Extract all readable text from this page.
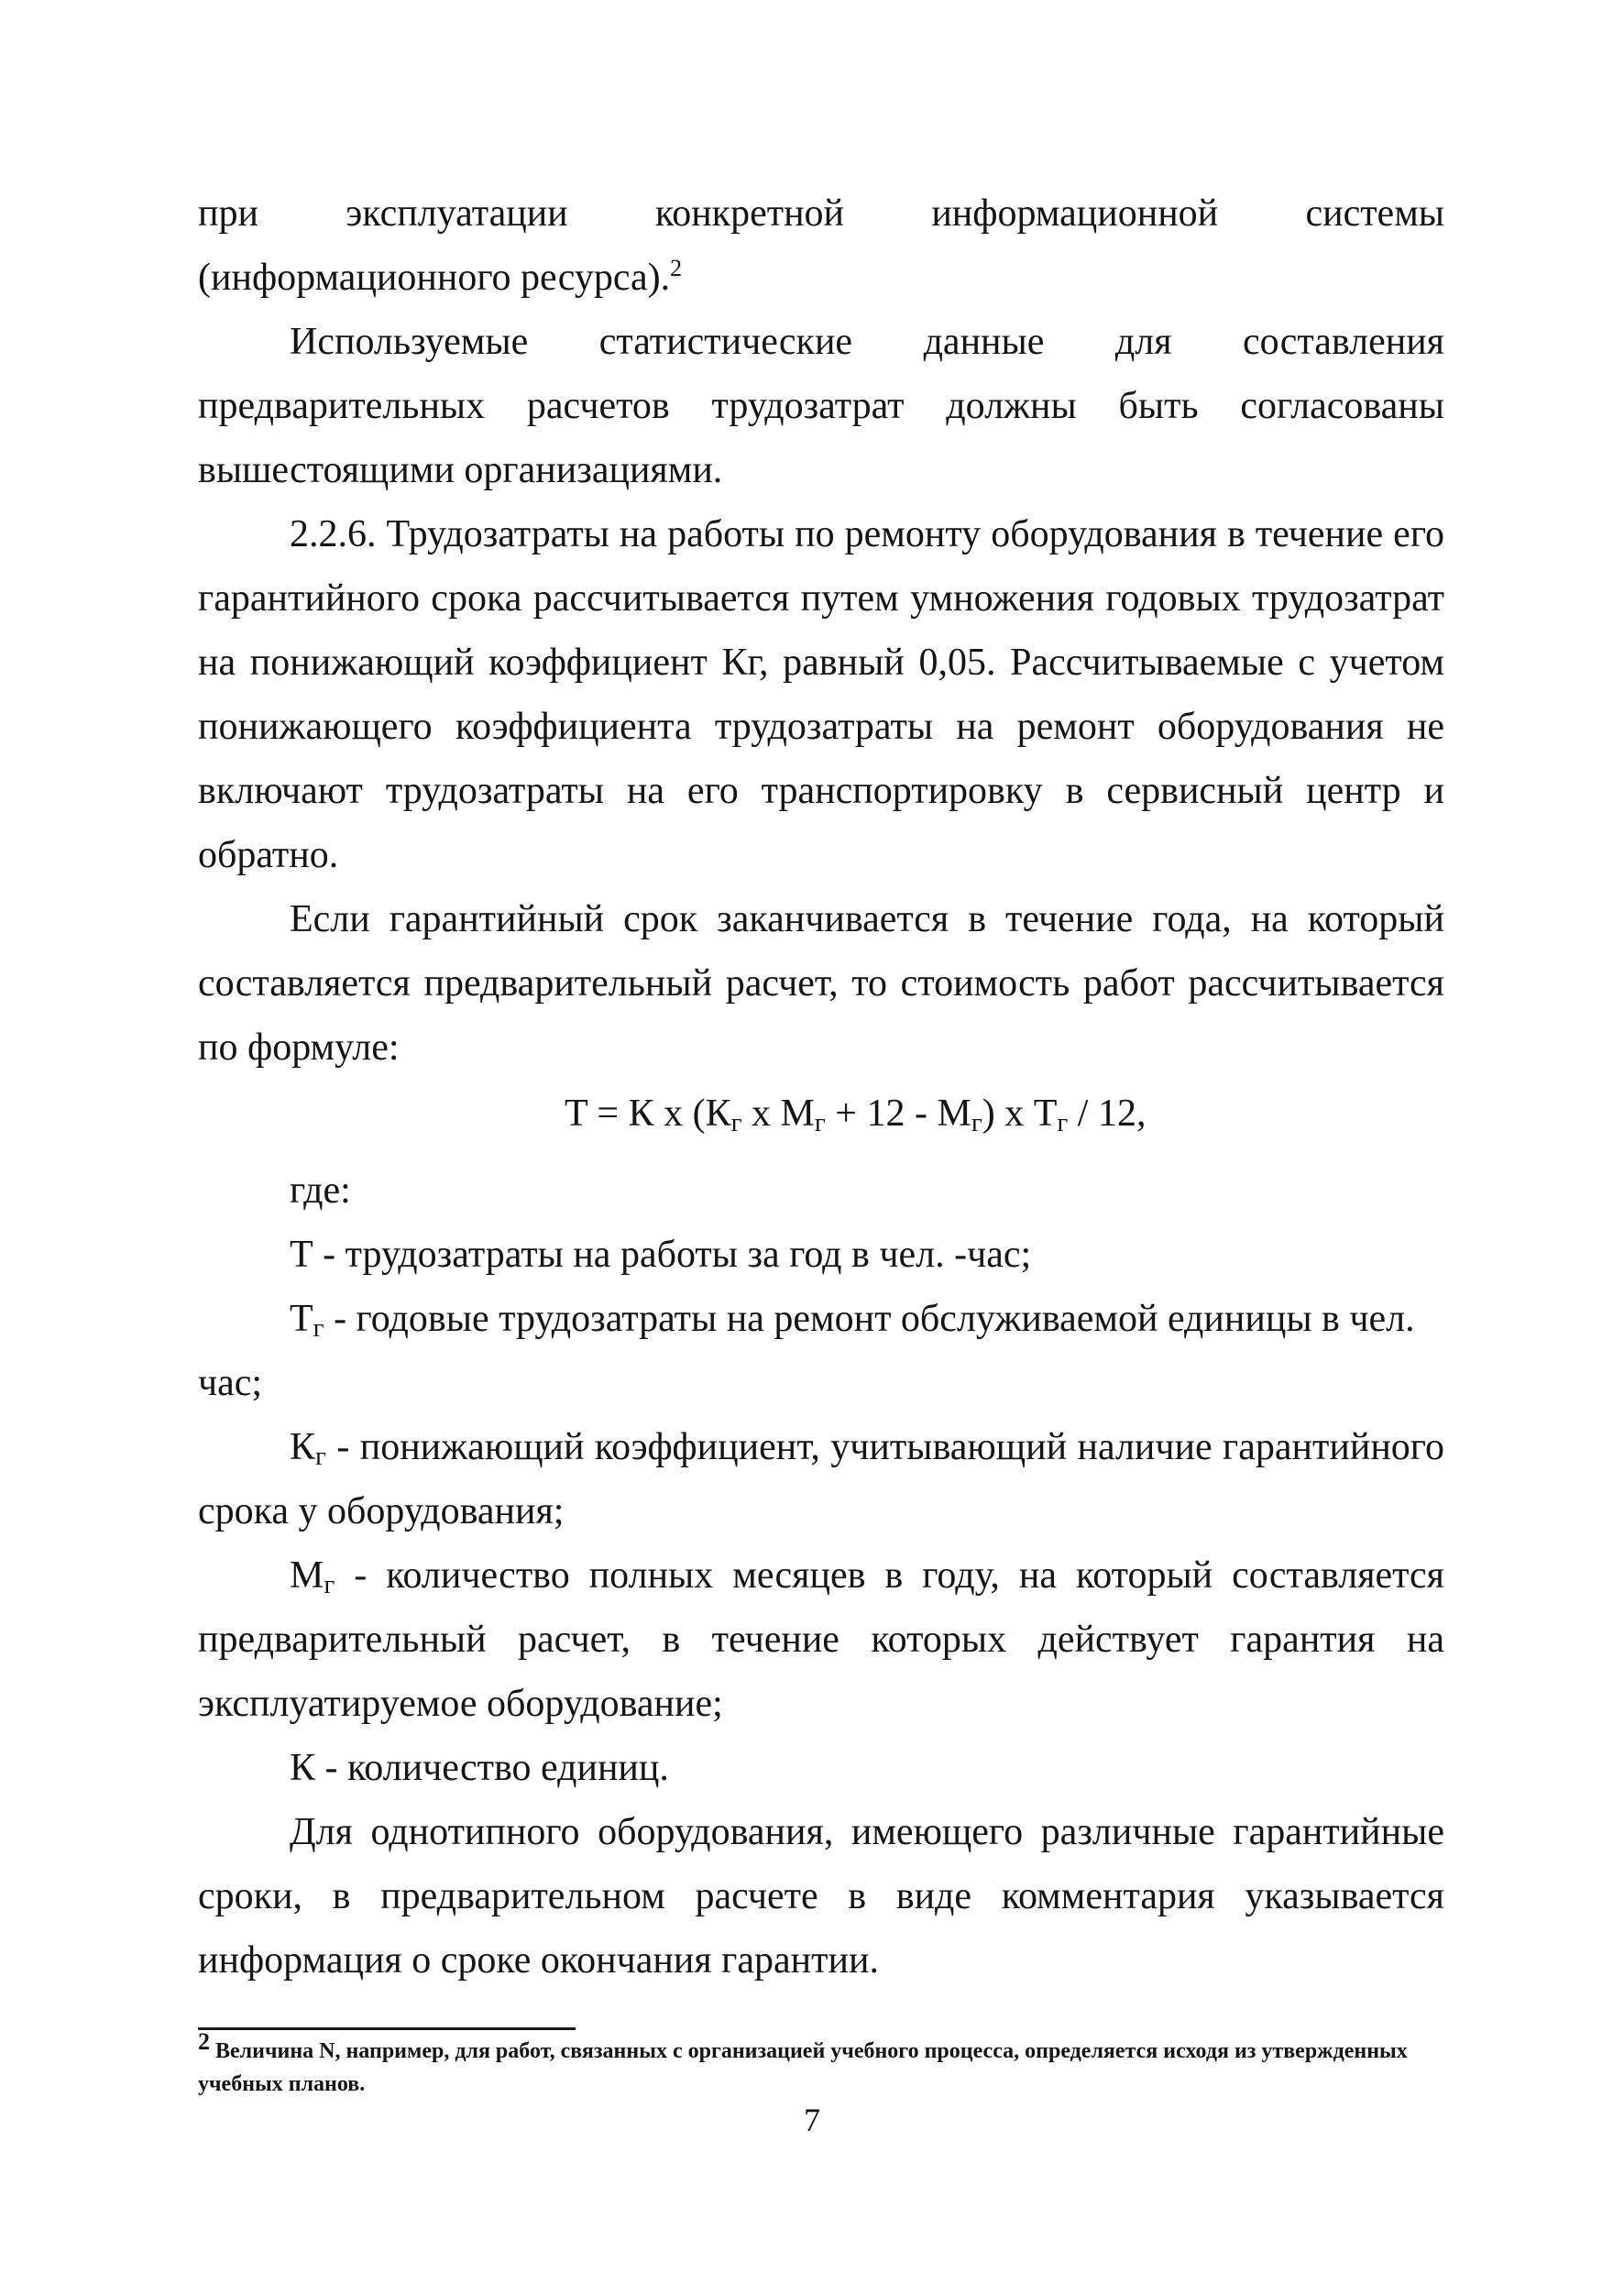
при эксплуатации конкретной информационной системы (информационного ресурса).$^2$

Используемые статистические данные для составления предварительных расчетов трудозатрат должны быть согласованы вышестоящими организациями.

2.2.6. Трудозатраты на работы по ремонту оборудования в течение его гарантийного срока рассчитывается путем умножения годовых трудозатрат на понижающий коэффициент Кг, равный 0,05. Рассчитываемые с учетом понижающего коэффициента трудозатраты на ремонт оборудования не включают трудозатраты на его транспортировку в сервисный центр и обратно.

Если гарантийный срок заканчивается в течение года, на который составляется предварительный расчет, то стоимость работ рассчитывается по формуле:

T = К х ($К_г$ х $М_г + 12 - М_г$) х $Т_г / 12$,

где:

Т - трудозатраты на работы за год в чел. -час;

$Т_г$ - годовые трудозатраты на ремонт обслуживаемой единицы в чел.

час;

$К_г$ - понижающий коэффициент, учитывающий наличие гарантийного срока у оборудования;

$М_г$ - количество полных месяцев в году, на который составляется предварительный расчет, в течение которых действует гарантия на эксплуатируемое оборудование;

К - количество единиц.

Для однотипного оборудования, имеющего различные гарантийные сроки, в предварительном расчете в виде комментария указывается информация о сроке окончания гарантии.

$^2$ Величина N, например, для работ, связанных с организацией учебного процесса, определяется исходя из утвержденных учебных планов.

7
